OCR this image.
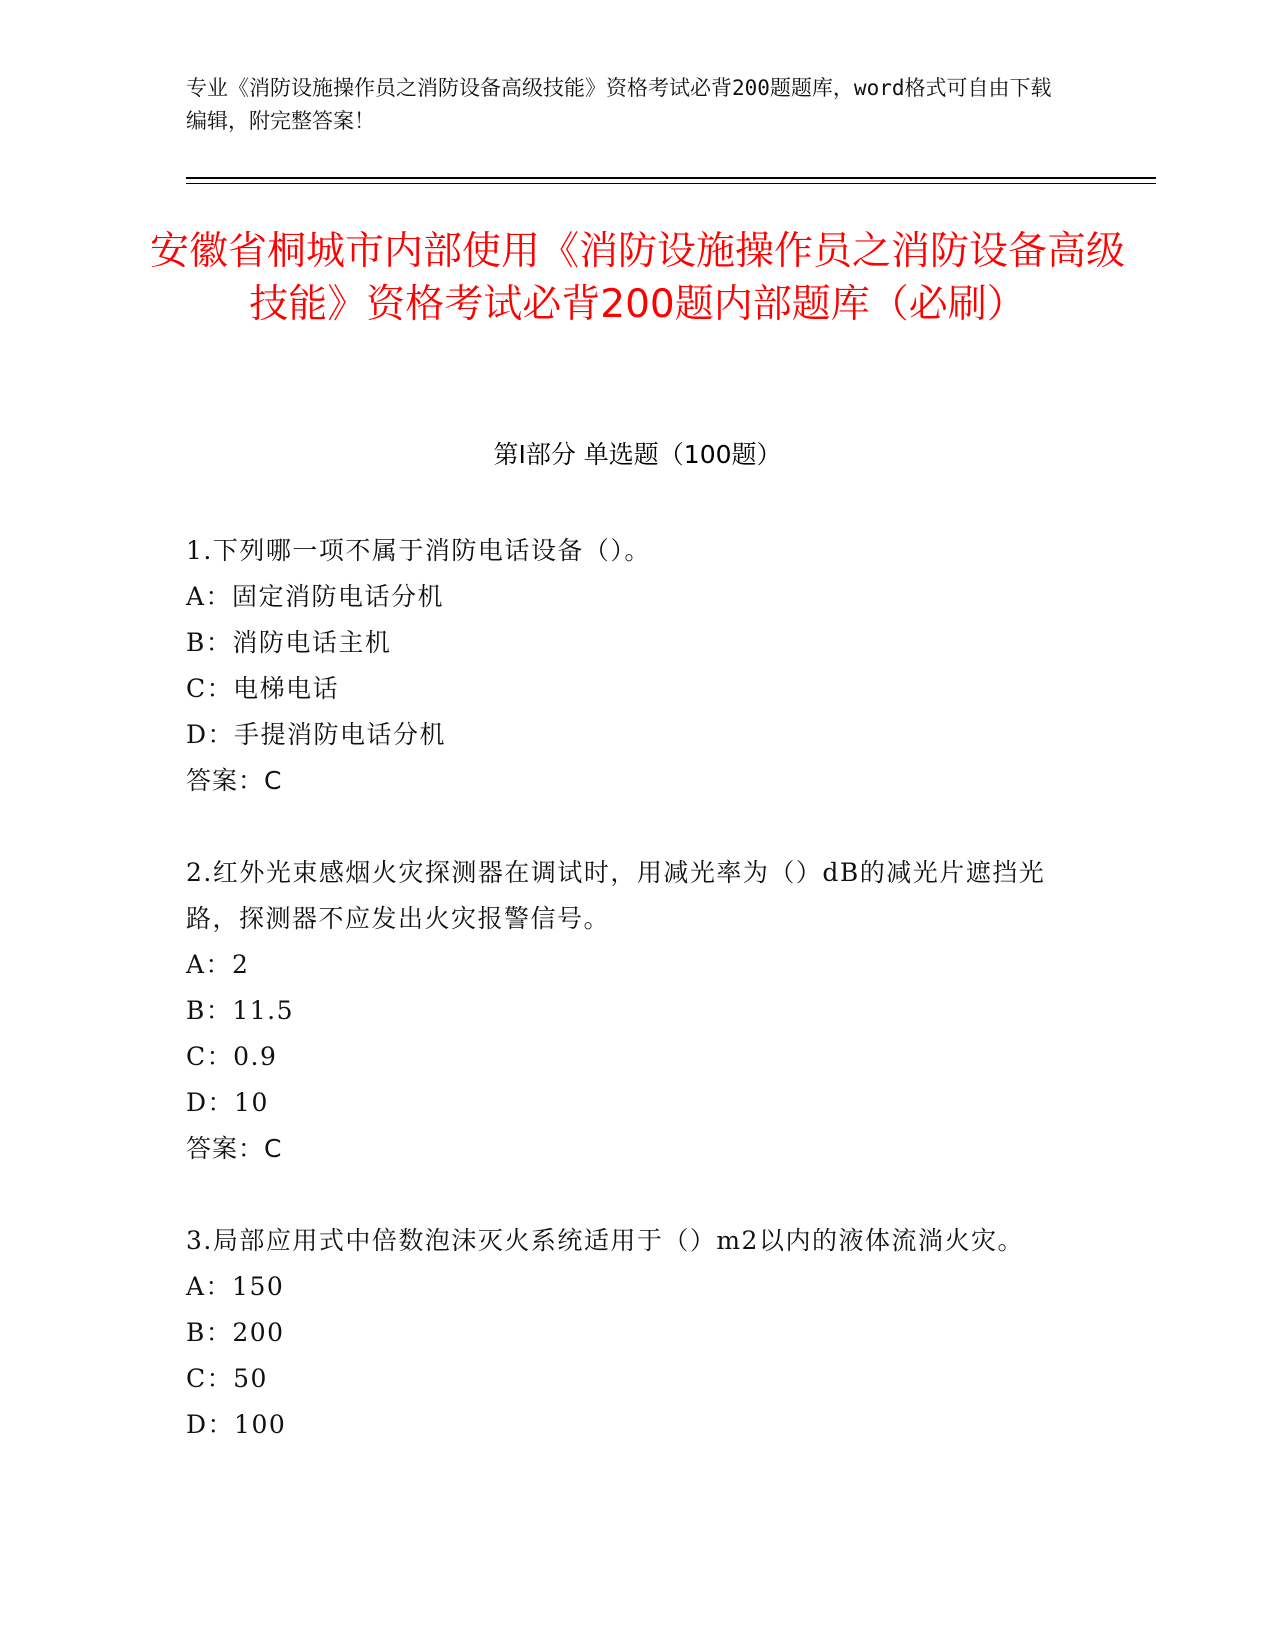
专业《消防设施操作员之消防设备高级技能》资格考试必背200题题库，word格式可自由下载编辑，附完整答案！
安徽省桐城市内部使用《消防设施操作员之消防设备高级技能》资格考试必背200题内部题库（必刷）
第Ⅰ部分 单选题（100题）
1.下列哪一项不属于消防电话设备（）。
A：固定消防电话分机
B：消防电话主机
C：电梯电话
D：手提消防电话分机
答案：C
2.红外光束感烟火灾探测器在调试时，用减光率为（）dB的减光片遮挡光路，探测器不应发出火灾报警信号。
A：2
B：11.5
C：0.9
D：10
答案：C
3.局部应用式中倍数泡沫灭火系统适用于（）m2以内的液体流淌火灾。
A：150
B：200
C：50
D：100
